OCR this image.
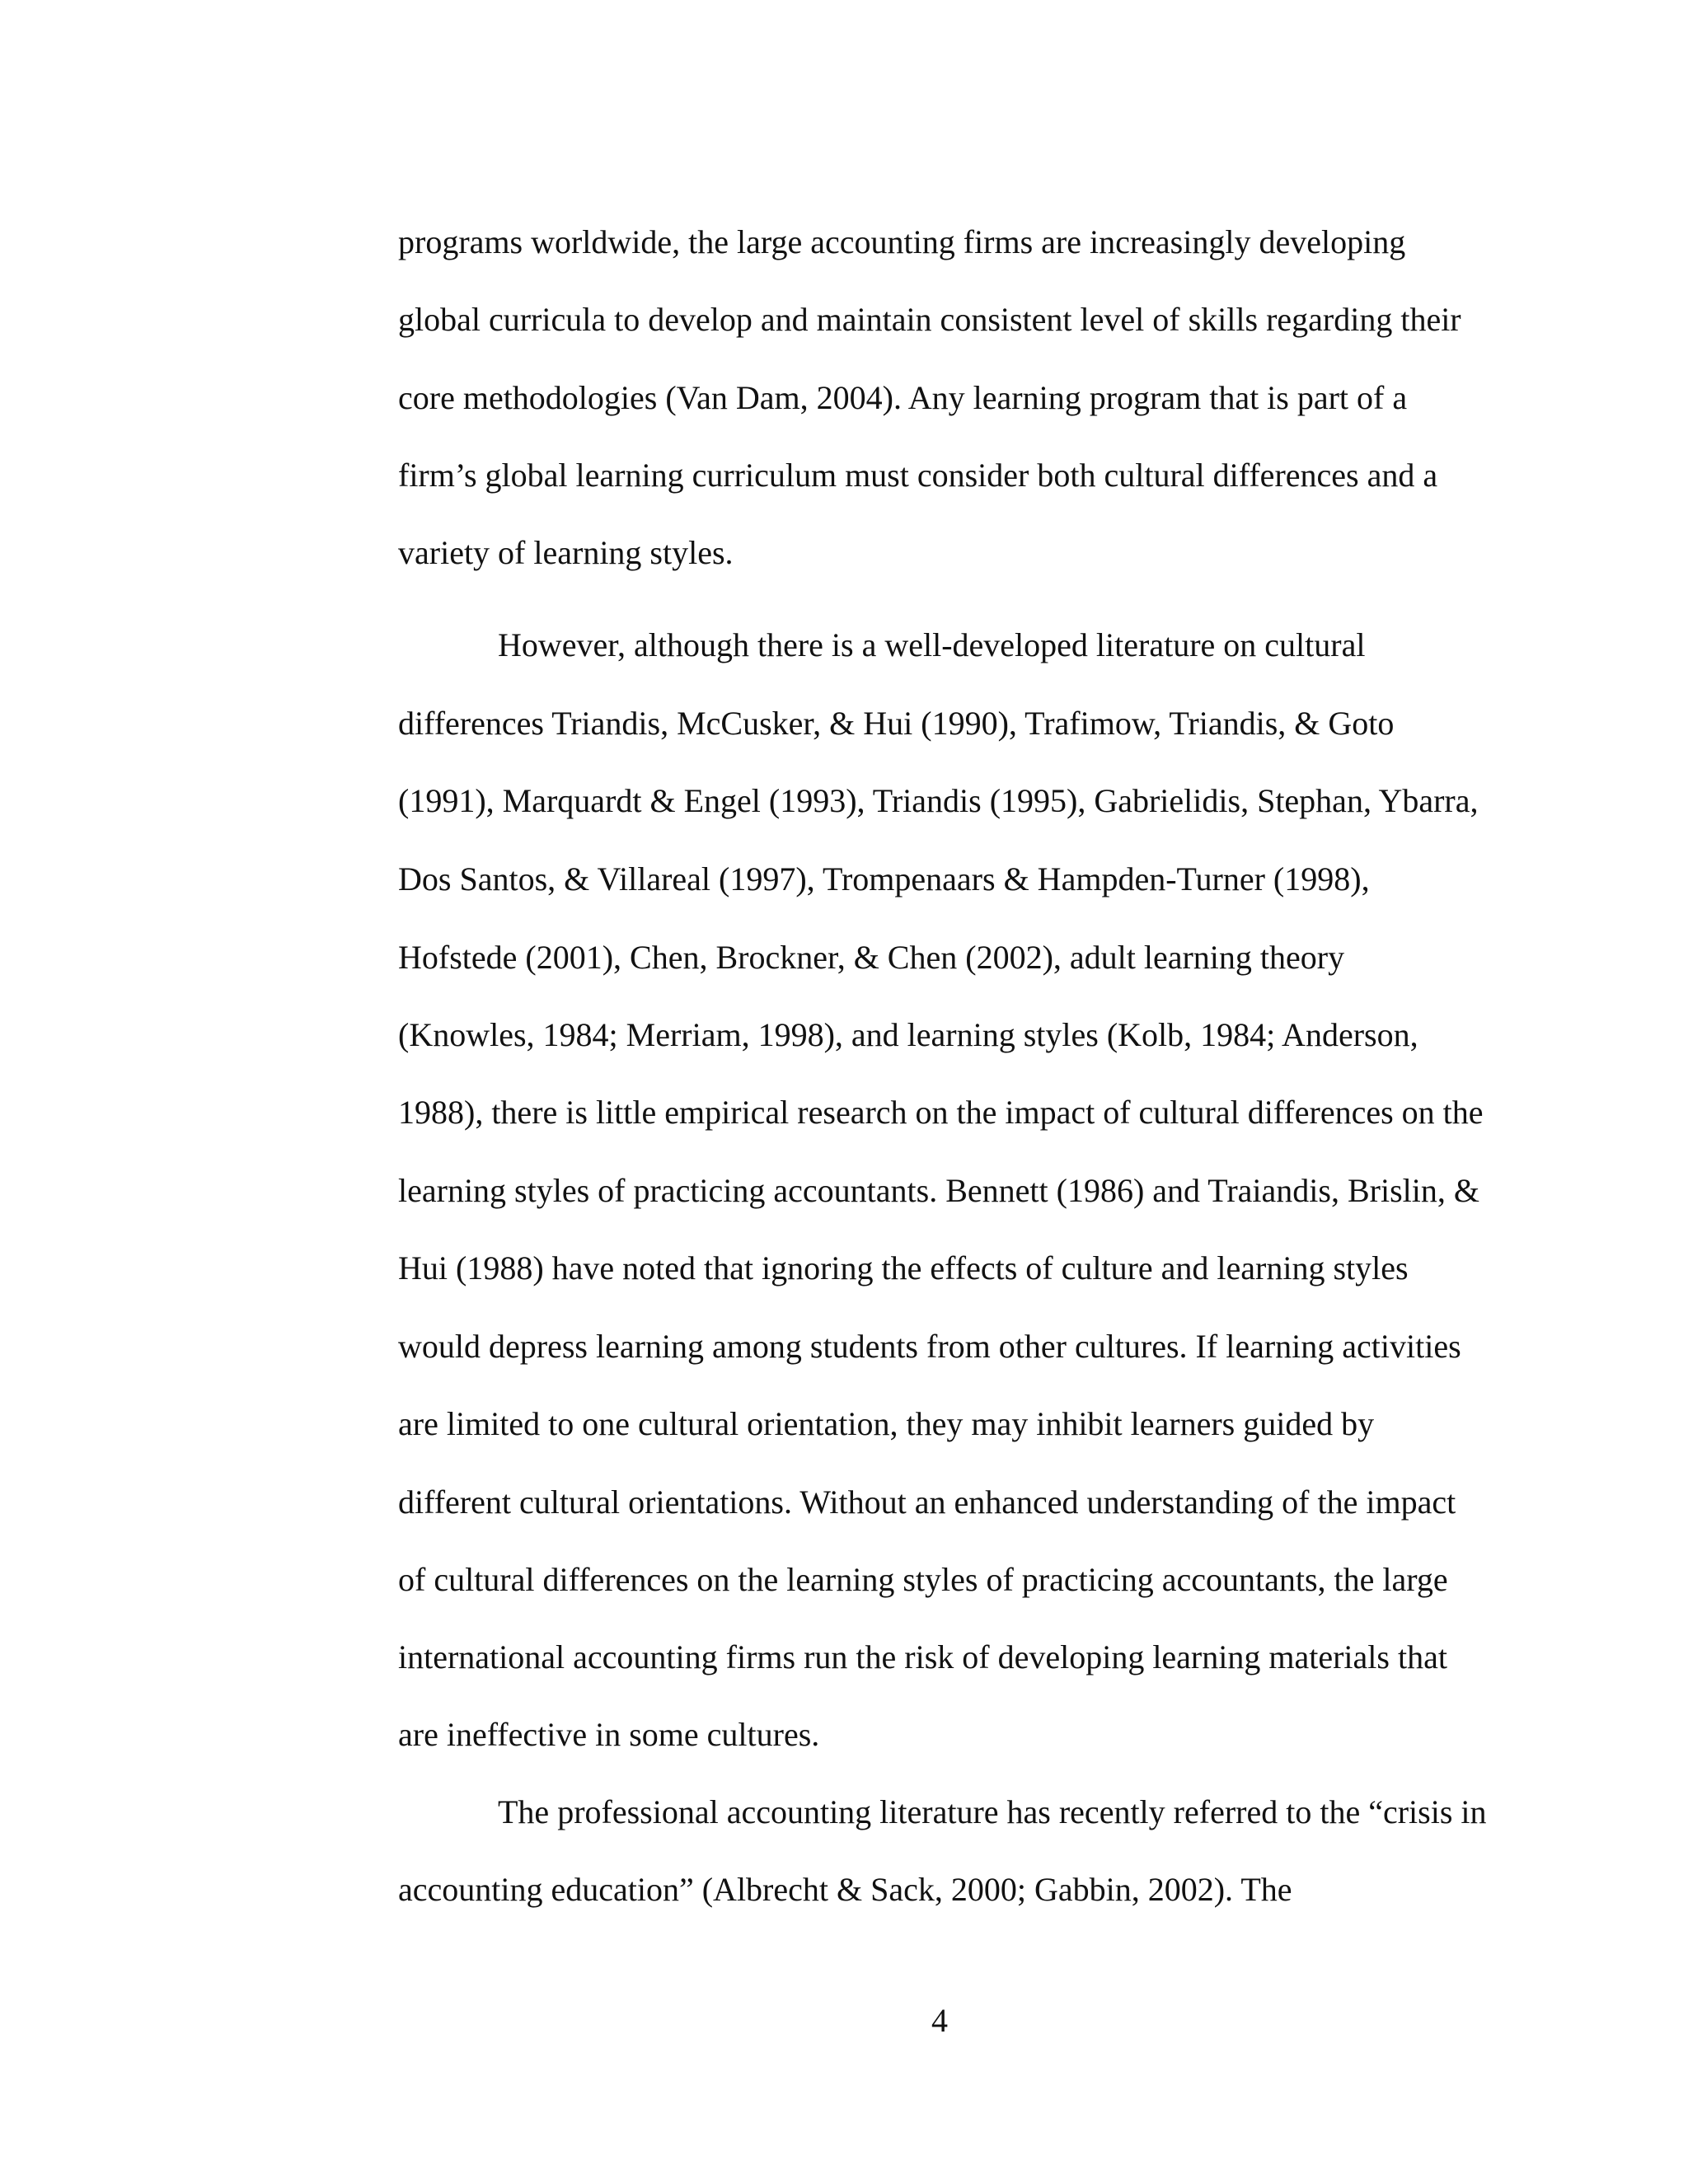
programs worldwide, the large accounting firms are increasingly developing

global curricula to develop and maintain consistent level of skills regarding their

core methodologies (Van Dam, 2004). Any learning program that is part of a

firm’s global learning curriculum must consider both cultural differences and a

variety of learning styles.

However, although there is a well-developed literature on cultural

differences Triandis, McCusker, & Hui (1990), Trafimow, Triandis, & Goto

(1991), Marquardt & Engel (1993), Triandis (1995), Gabrielidis, Stephan, Ybarra,

Dos Santos, & Villareal (1997), Trompenaars & Hampden-Turner (1998),

Hofstede (2001), Chen, Brockner, & Chen (2002), adult learning theory

(Knowles, 1984; Merriam, 1998), and learning styles (Kolb, 1984; Anderson,

1988), there is little empirical research on the impact of cultural differences on the

learning styles of practicing accountants. Bennett (1986) and Traiandis, Brislin, &

Hui (1988) have noted that ignoring the effects of culture and learning styles

would depress learning among students from other cultures. If learning activities

are limited to one cultural orientation, they may inhibit learners guided by

different cultural orientations. Without an enhanced understanding of the impact

of cultural differences on the learning styles of practicing accountants, the large

international accounting firms run the risk of developing learning materials that

are ineffective in some cultures.

The professional accounting literature has recently referred to the “crisis in

accounting education” (Albrecht & Sack, 2000; Gabbin, 2002). The

4
